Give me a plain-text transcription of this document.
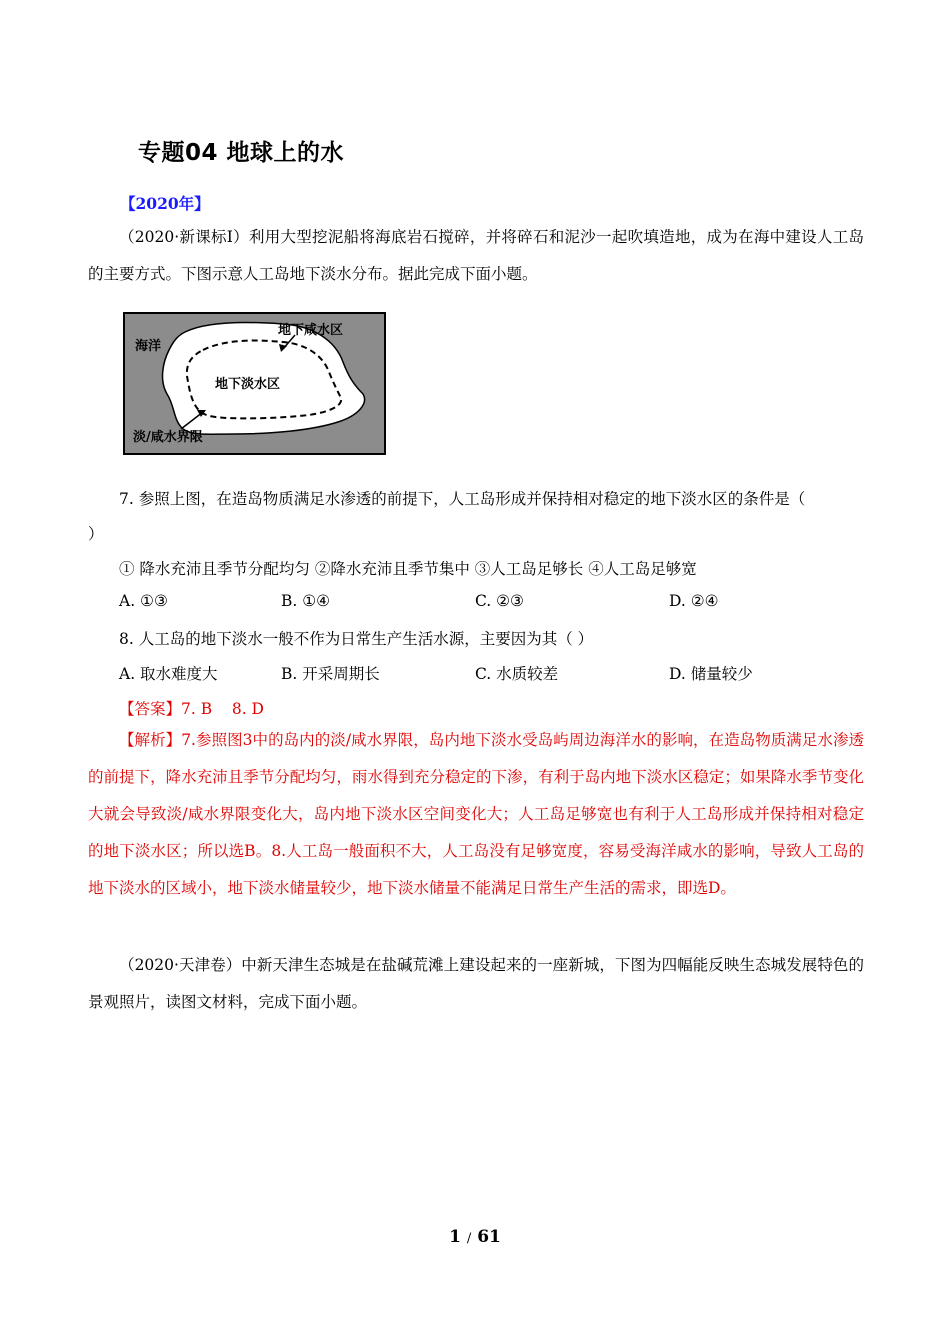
专题04 地球上的水
【2020年】
（2020·新课标Ⅰ）利用大型挖泥船将海底岩石搅碎，并将碎石和泥沙一起吹填造地，成为在海中建设人工岛的主要方式。下图示意人工岛地下淡水分布。据此完成下面小题。
海洋
地下咸水区
地下淡水区
淡/咸水界限
7. 参照上图，在造岛物质满足水渗透的前提下，人工岛形成并保持相对稳定的地下淡水区的条件是（
）
① 降水充沛且季节分配均匀 ②降水充沛且季节集中 ③人工岛足够长 ④人工岛足够宽
A. ①③	B. ①④	C. ②③	D. ②④
8. 人工岛的地下淡水一般不作为日常生产生活水源，主要因为其（ ）
A. 取水难度大	B. 开采周期长	C. 水质较差	D. 储量较少
【答案】7. B    8. D
【解析】7.参照图3中的岛内的淡/咸水界限，岛内地下淡水受岛屿周边海洋水的影响，在造岛物质满足水渗透的前提下，降水充沛且季节分配均匀，雨水得到充分稳定的下渗，有利于岛内地下淡水区稳定；如果降水季节变化大就会导致淡/咸水界限变化大，岛内地下淡水区空间变化大；人工岛足够宽也有利于人工岛形成并保持相对稳定的地下淡水区；所以选B。8.人工岛一般面积不大，人工岛没有足够宽度，容易受海洋咸水的影响，导致人工岛的地下淡水的区域小，地下淡水储量较少，地下淡水储量不能满足日常生产生活的需求，即选D。
（2020·天津卷）中新天津生态城是在盐碱荒滩上建设起来的一座新城，下图为四幅能反映生态城发展特色的景观照片，读图文材料，完成下面小题。
1 / 61
